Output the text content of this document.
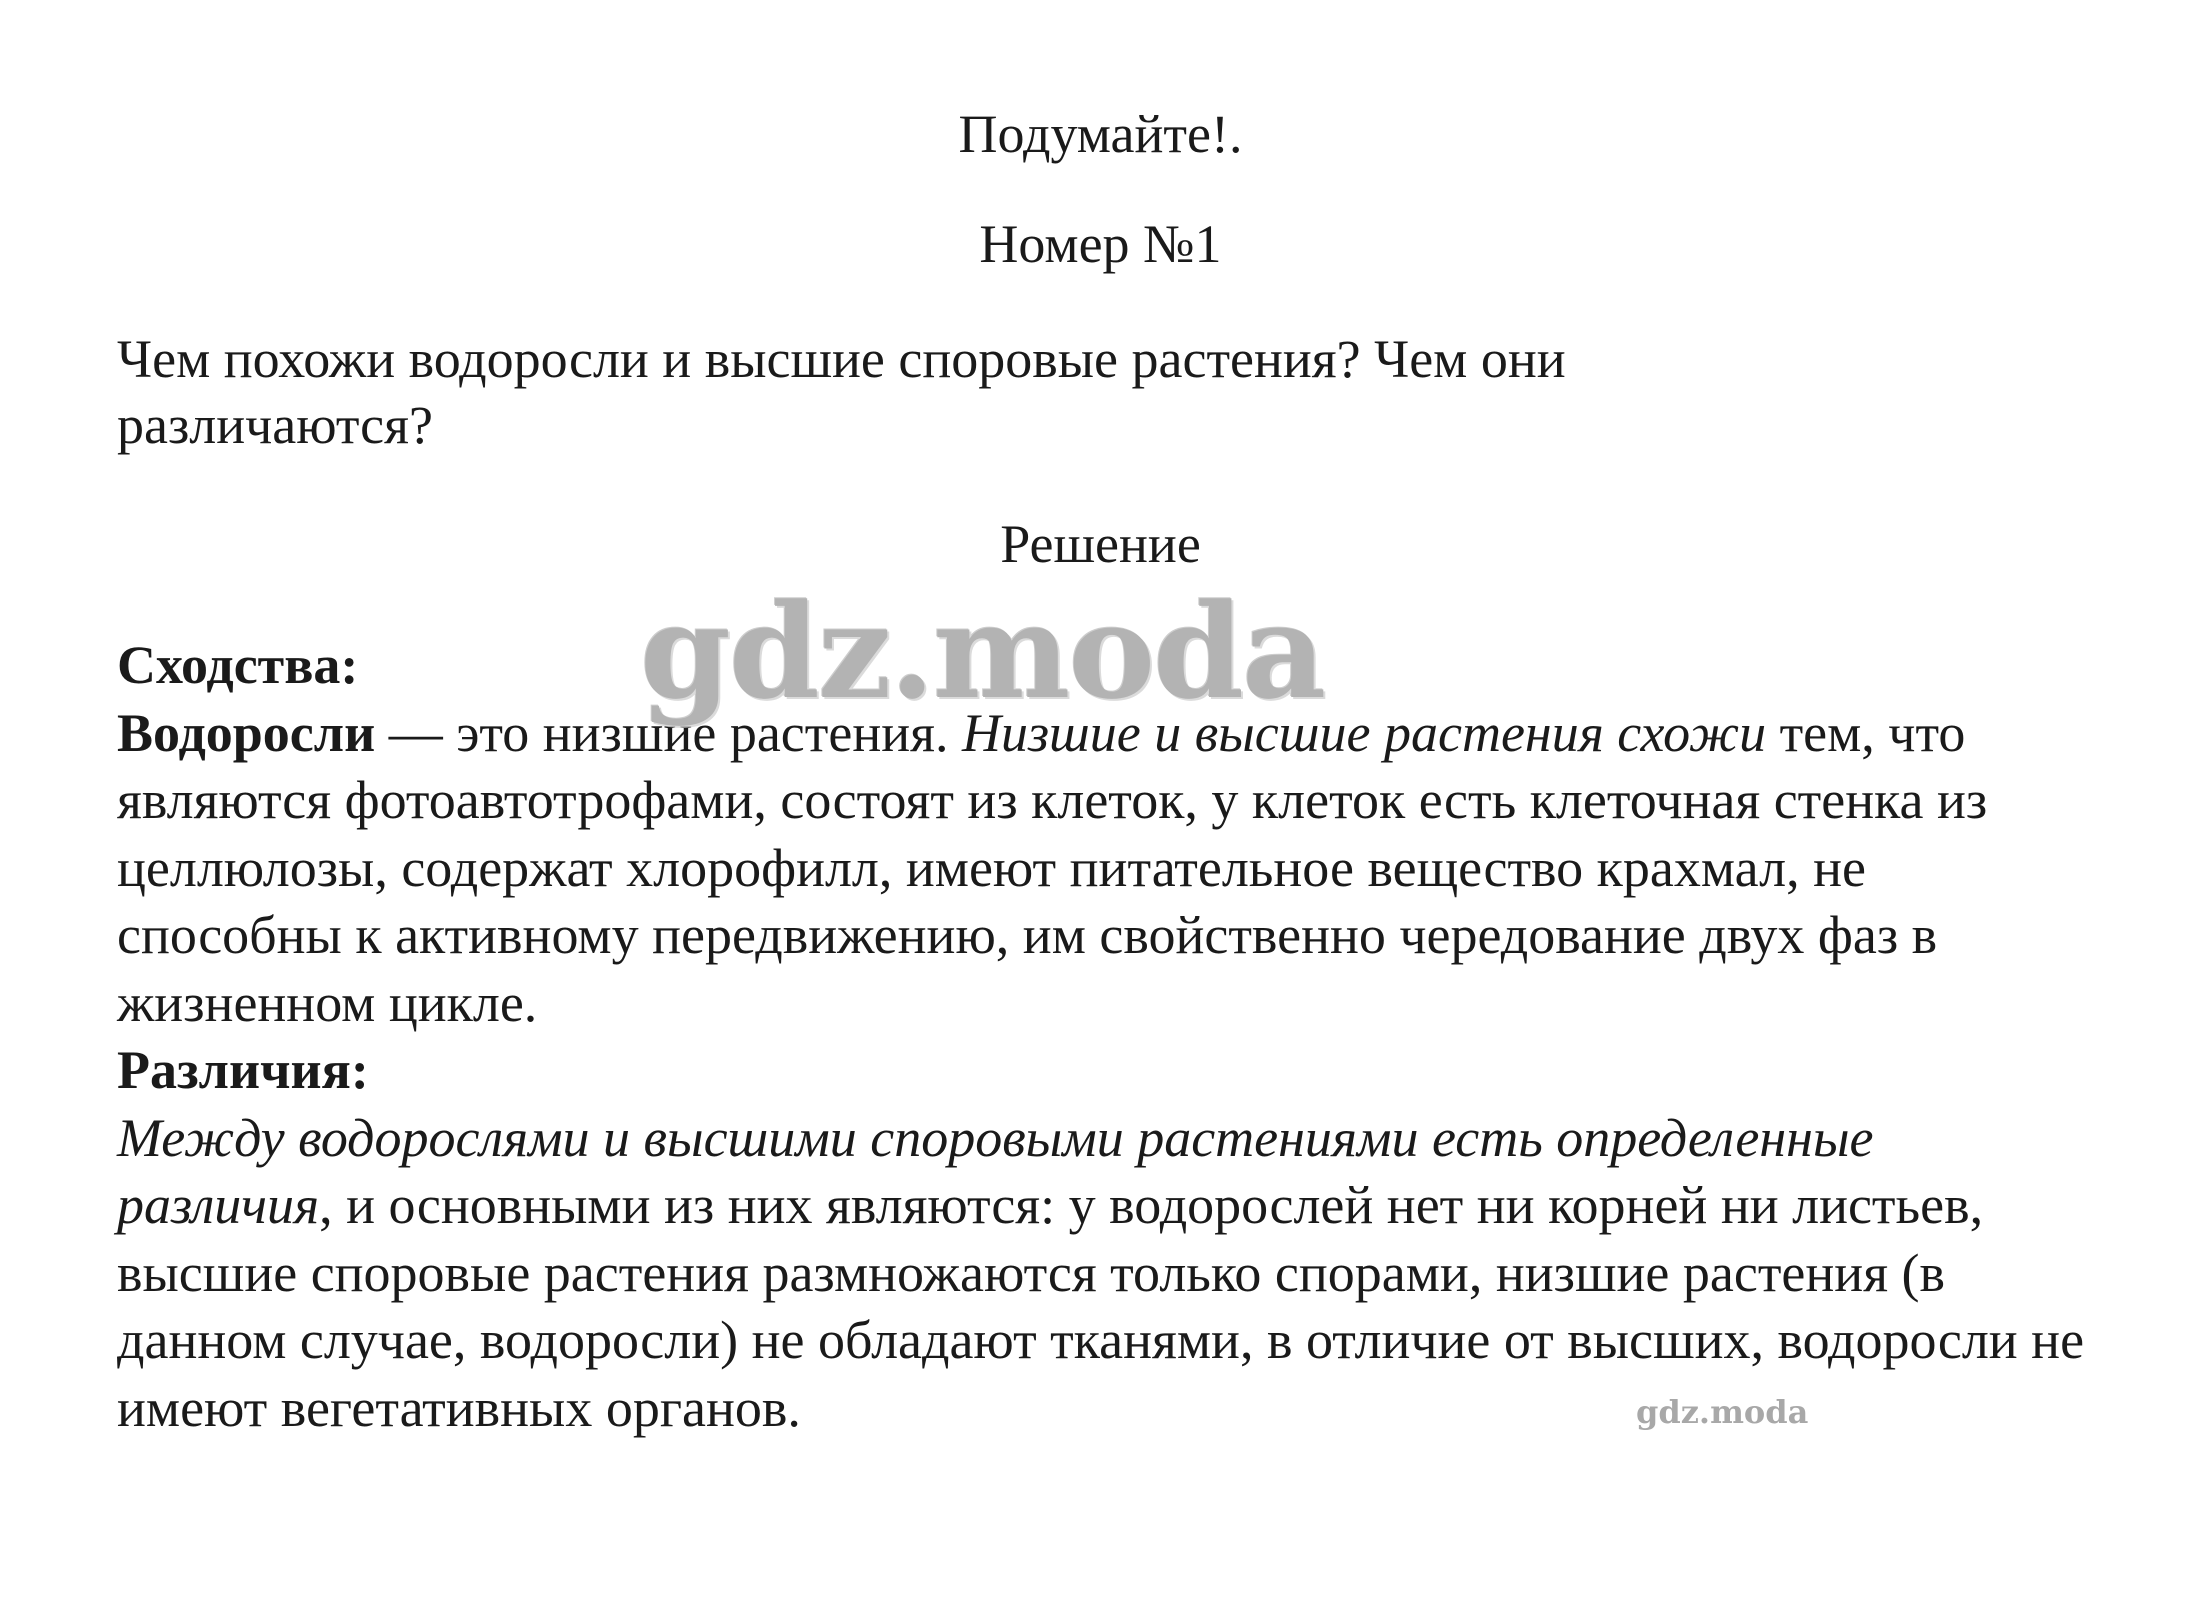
Подумайте!.
Номер №1

Чем похожи водоросли и высшие споровые растения? Чем они различаются?

Решение
Сходства:

Водоросли — это низшие растения. Низшие и высшие растения схожи тем, что являются фотоавтотрофами, состоят из клеток, у клеток есть клеточная стенка из целлюлозы, содержат хлорофилл, имеют питательное вещество крахмал, не способны к активному передвижению, им свойственно чередование двух фаз в жизненном цикле.

Различия:

Между водорослями и высшими споровыми растениями есть определенные различия, и основными из них являются: у водорослей нет ни корней ни листьев, высшие споровые растения размножаются только спорами, низшие растения (в данном случае, водоросли) не обладают тканями, в отличие от высших, водоросли не имеют вегетативных органов.

gdz.moda
gdz.moda
